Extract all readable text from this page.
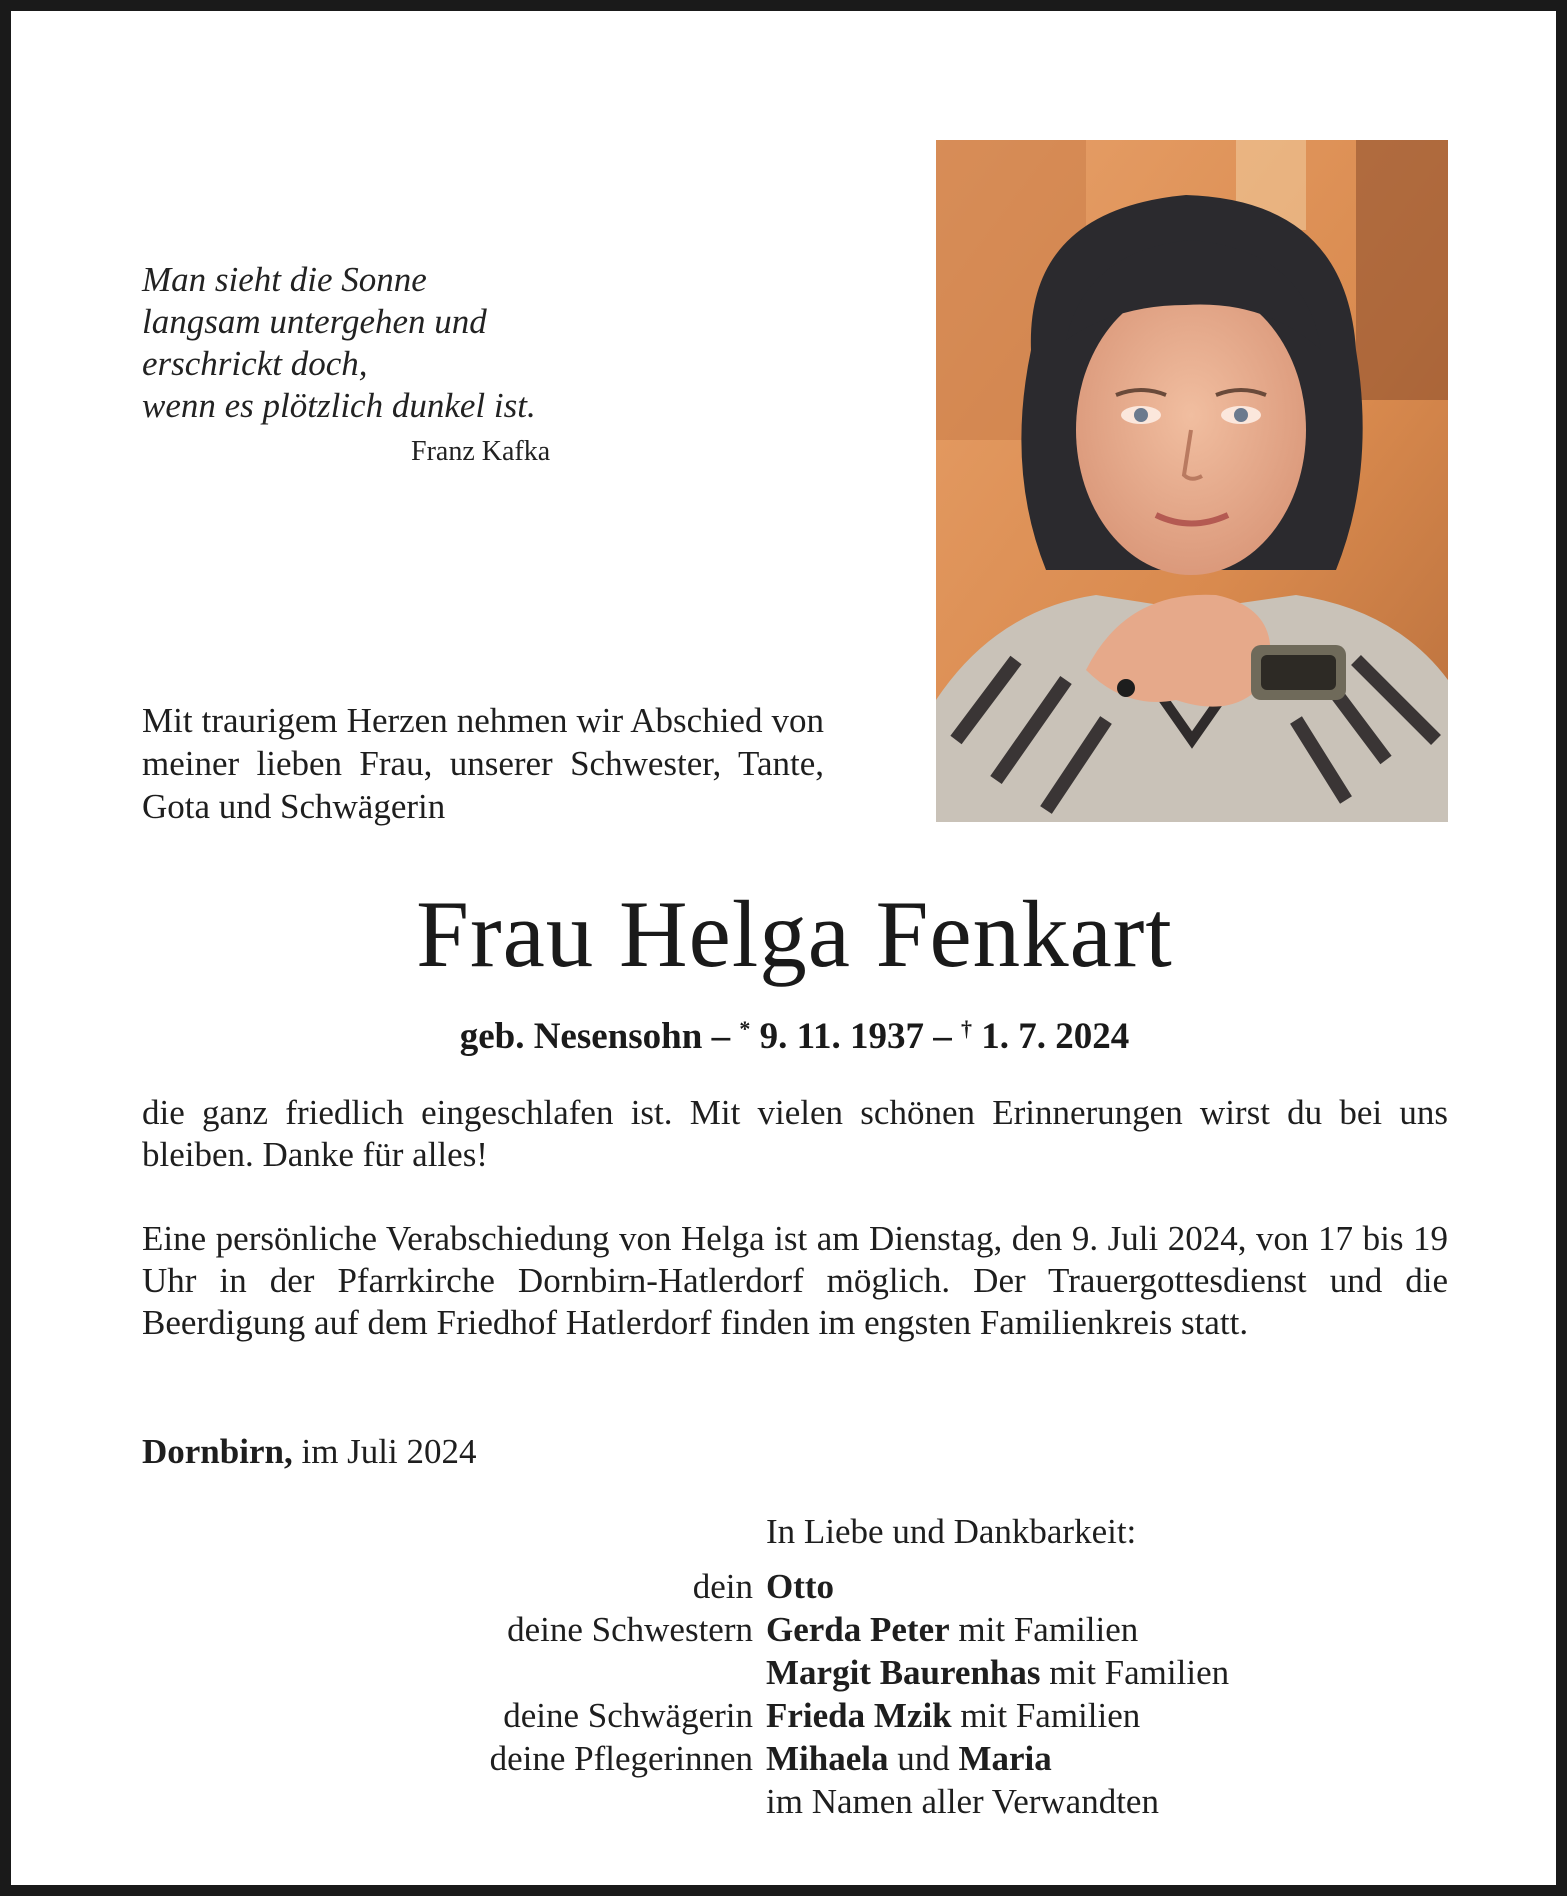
Man sieht die Sonne
langsam untergehen und
erschrickt doch,
wenn es plötzlich dunkel ist.
Franz Kafka
Mit traurigem Herzen nehmen wir Abschied von meiner lieben Frau, unserer Schwester, Tante, Gota und Schwägerin
Frau Helga Fenkart
geb. Nesensohn – * 9. 11. 1937 – † 1. 7. 2024
die ganz friedlich eingeschlafen ist. Mit vielen schönen Erinnerungen wirst du bei uns bleiben. Danke für alles!
Eine persönliche Verabschiedung von Helga ist am Dienstag, den 9. Juli 2024, von 17 bis 19 Uhr in der Pfarrkirche Dornbirn-Hatlerdorf möglich. Der Trauergottesdienst und die Beerdigung auf dem Friedhof Hatlerdorf finden im engsten Familienkreis statt.
Dornbirn, im Juli 2024
In Liebe und Dankbarkeit:
dein Otto
deine Schwestern Gerda Peter mit Familien
Margit Baurenhas mit Familien
deine Schwägerin Frieda Mzik mit Familien
deine Pflegerinnen Mihaela und Maria
im Namen aller Verwandten
